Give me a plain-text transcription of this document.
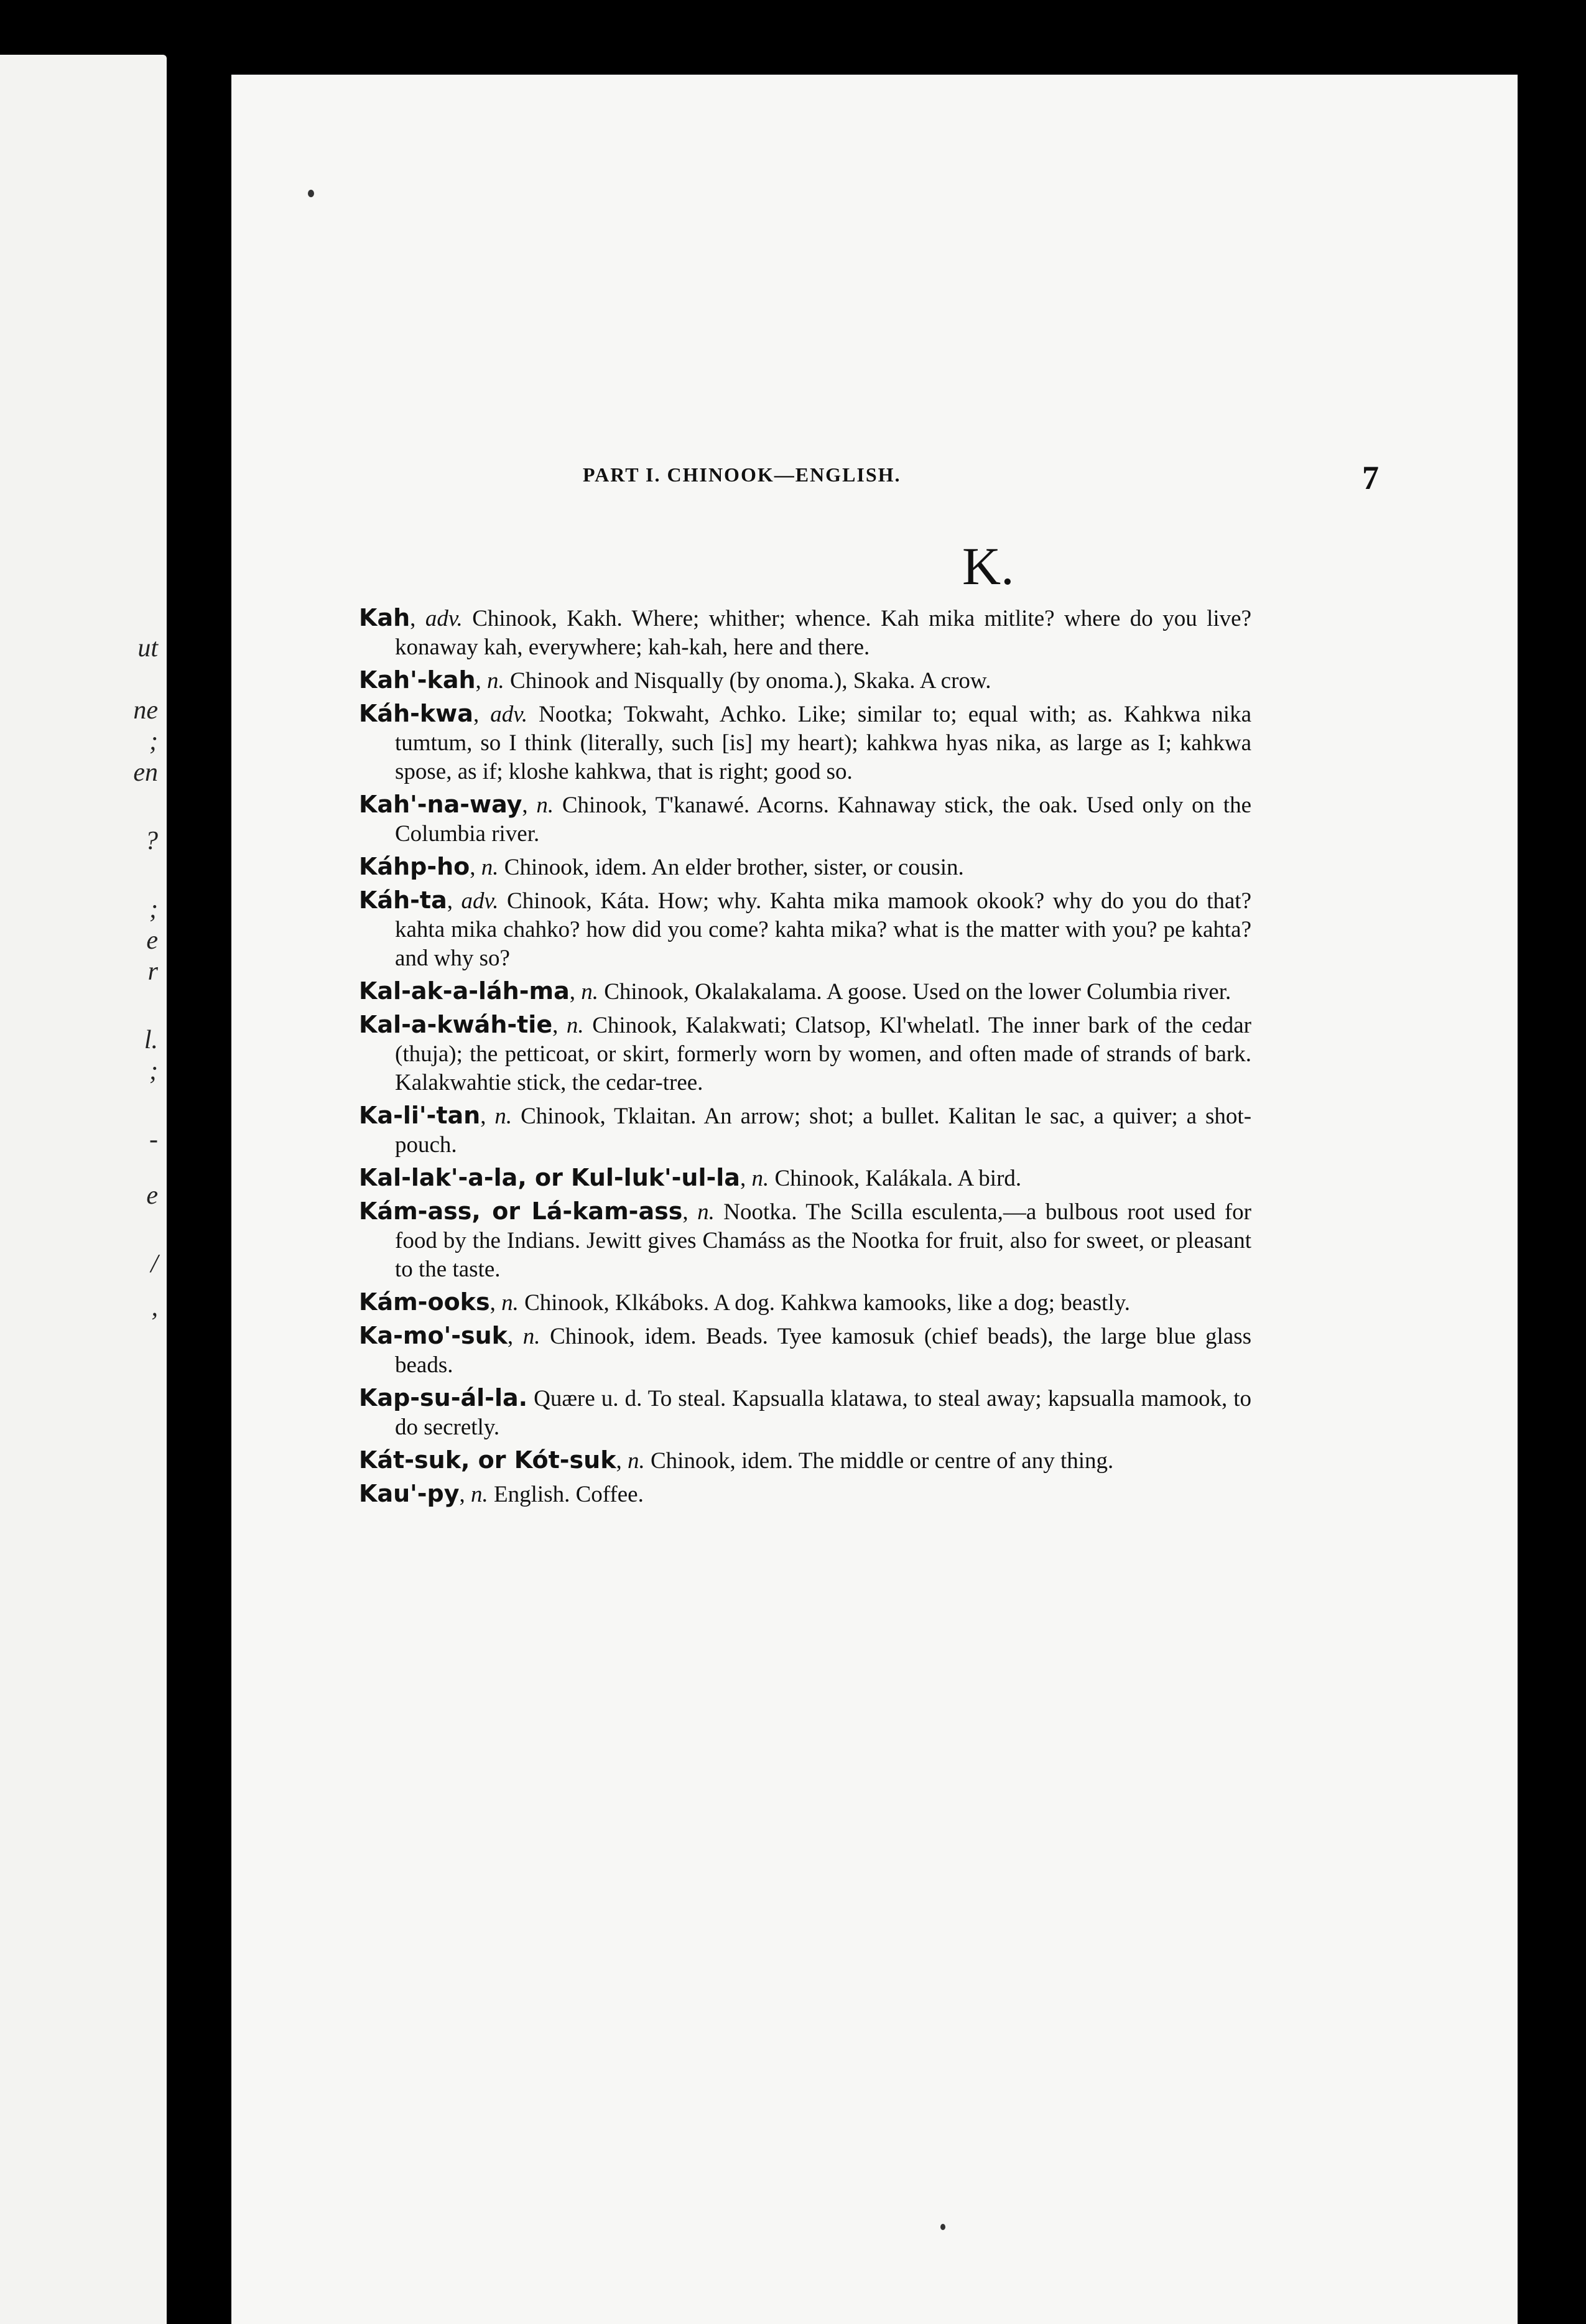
ut
ne
;
en
?
;
e
r
l.
;
-
e
/
,
PART I. CHINOOK—ENGLISH.	7
K.

Kah, adv. Chinook, Kakh. Where; whither; whence. Kah mika mitlite? where do you live? konaway kah, everywhere; kah-kah, here and there.

Kah'-kah, n. Chinook and Nisqually (by onoma.), Skaka. A crow.

Káh-kwa, adv. Nootka; Tokwaht, Achko. Like; similar to; equal with; as. Kahkwa nika tumtum, so I think (literally, such [is] my heart); kahkwa hyas nika, as large as I; kahkwa spose, as if; kloshe kahkwa, that is right; good so.

Kah'-na-way, n. Chinook, T'kanawé. Acorns. Kahnaway stick, the oak. Used only on the Columbia river.

Káhp-ho, n. Chinook, idem. An elder brother, sister, or cousin.

Káh-ta, adv. Chinook, Káta. How; why. Kahta mika mamook okook? why do you do that? kahta mika chahko? how did you come? kahta mika? what is the matter with you? pe kahta? and why so?

Kal-ak-a-láh-ma, n. Chinook, Okalakalama. A goose. Used on the lower Columbia river.

Kal-a-kwáh-tie, n. Chinook, Kalakwati; Clatsop, Kl'whelatl. The inner bark of the cedar (thuja); the petticoat, or skirt, formerly worn by women, and often made of strands of bark. Kalakwahtie stick, the cedar-tree.

Ka-li'-tan, n. Chinook, Tklaitan. An arrow; shot; a bullet. Kalitan le sac, a quiver; a shot-pouch.

Kal-lak'-a-la, or Kul-luk'-ul-la, n. Chinook, Kalákala. A bird.

Kám-ass, or Lá-kam-ass, n. Nootka. The Scilla esculenta,—a bulbous root used for food by the Indians. Jewitt gives Chamáss as the Nootka for fruit, also for sweet, or pleasant to the taste.

Kám-ooks, n. Chinook, Klkáboks. A dog. Kahkwa kamooks, like a dog; beastly.

Ka-mo'-suk, n. Chinook, idem. Beads. Tyee kamosuk (chief beads), the large blue glass beads.

Kap-su-ál-la. Quære u. d. To steal. Kapsualla klatawa, to steal away; kapsualla mamook, to do secretly.

Kát-suk, or Kót-suk, n. Chinook, idem. The middle or centre of any thing.

Kau'-py, n. English. Coffee.
